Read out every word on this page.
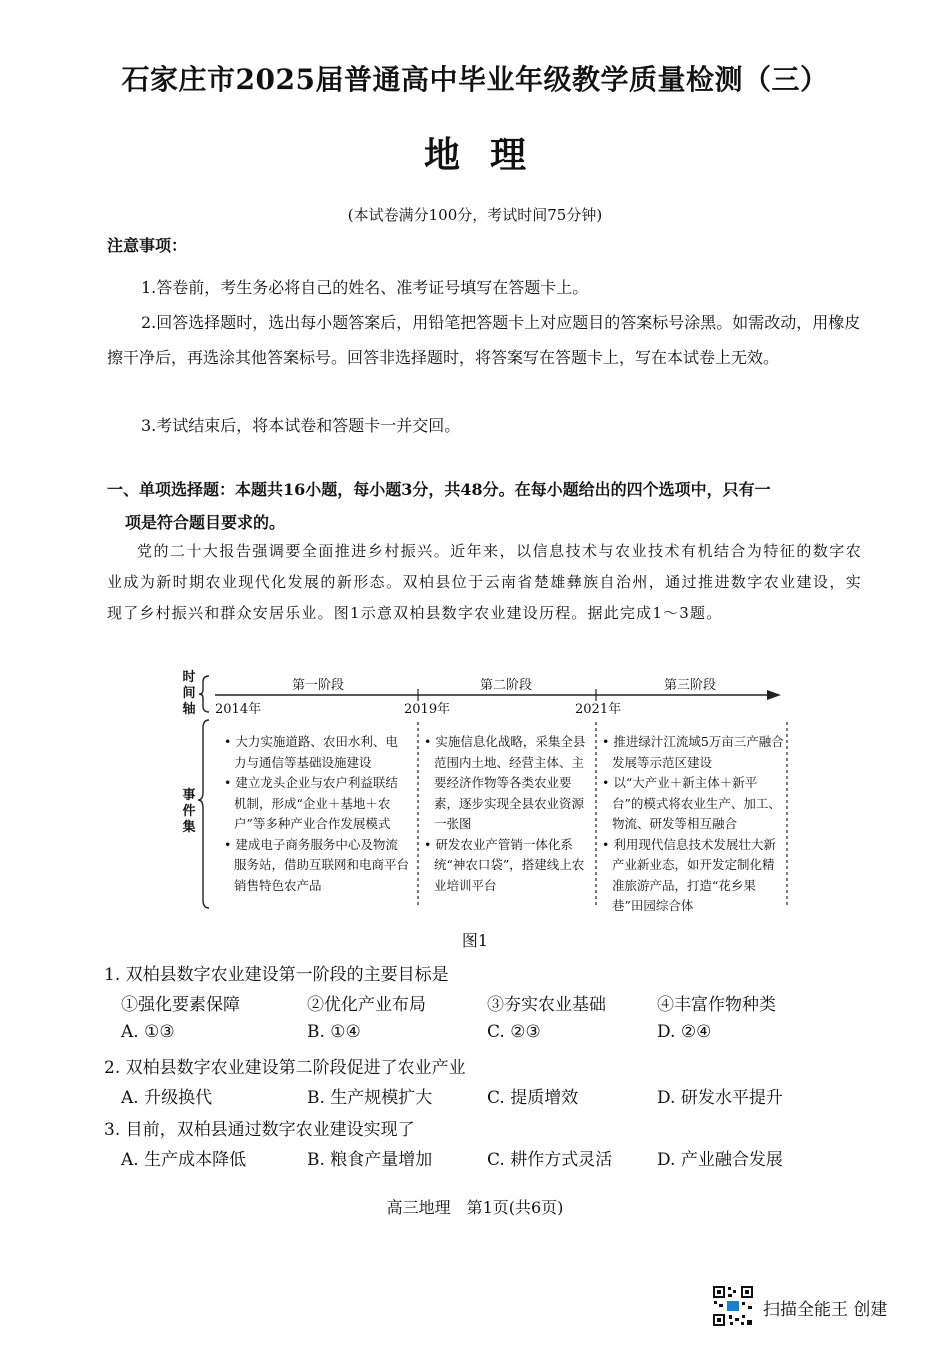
石家庄市2025届普通高中毕业年级教学质量检测（三）
地理
(本试卷满分100分，考试时间75分钟)
注意事项：
1.答卷前，考生务必将自己的姓名、准考证号填写在答题卡上。
2.回答选择题时，选出每小题答案后，用铅笔把答题卡上对应题目的答案标号涂黑。如需改动，用橡皮擦干净后，再选涂其他答案标号。回答非选择题时，将答案写在答题卡上，写在本试卷上无效。
3.考试结束后，将本试卷和答题卡一并交回。
一、单项选择题：本题共16小题，每小题3分，共48分。在每小题给出的四个选项中，只有一
项是符合题目要求的。
党的二十大报告强调要全面推进乡村振兴。近年来，以信息技术与农业技术有机结合为特征的数字农业成为新时期农业现代化发展的新形态。双柏县位于云南省楚雄彝族自治州，通过推进数字农业建设，实现了乡村振兴和群众安居乐业。图1示意双柏县数字农业建设历程。据此完成1～3题。
时
间
轴
事
件
集
第一阶段	第二阶段	第三阶段
2014年	2019年	2021年
• 大力实施道路、农田水利、电力与通信等基础设施建设
• 建立龙头企业与农户利益联结机制，形成“企业＋基地＋农户”等多种产业合作发展模式
• 建成电子商务服务中心及物流服务站，借助互联网和电商平台销售特色农产品
• 实施信息化战略，采集全县范围内土地、经营主体、主要经济作物等各类农业要素，逐步实现全县农业资源一张图
• 研发农业产管销一体化系统“神农口袋”，搭建线上农业培训平台
• 推进绿汁江流域5万亩三产融合发展等示范区建设
• 以“大产业＋新主体＋新平台”的模式将农业生产、加工、物流、研发等相互融合
• 利用现代信息技术发展壮大新产业新业态，如开发定制化精准旅游产品，打造“花乡果巷”田园综合体
图1
1. 双柏县数字农业建设第一阶段的主要目标是
①强化要素保障	②优化产业布局	③夯实农业基础	④丰富作物种类
A. ①③	B. ①④	C. ②③	D. ②④
2. 双柏县数字农业建设第二阶段促进了农业产业
A. 升级换代	B. 生产规模扩大	C. 提质增效	D. 研发水平提升
3. 目前，双柏县通过数字农业建设实现了
A. 生产成本降低	B. 粮食产量增加	C. 耕作方式灵活	D. 产业融合发展
高三地理　第1页(共6页)
扫描全能王 创建
